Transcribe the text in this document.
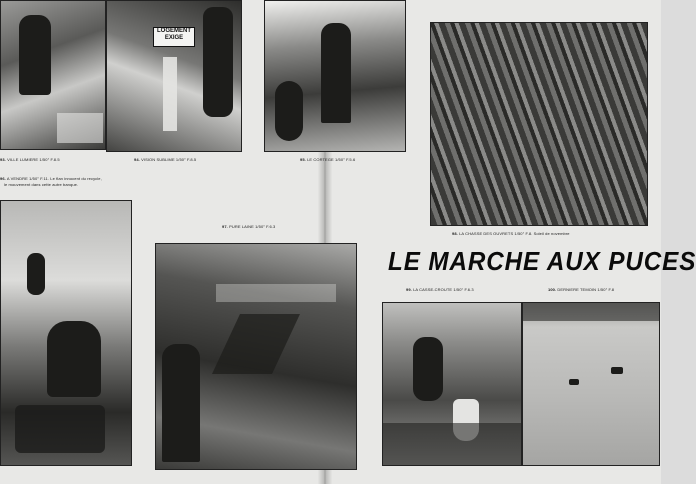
LOGEMENT
EXIGE
93. VILLE LUMIERE 1/50° F.8.5	94. VISION SUBLIME 1/50° F.8.5	95. LE CORTEGE 1/50° F.5.6
96. A VENDRE 1/50° F.11. Le flan innocent du recycle,
le mouvement dans cette autre banque.
97. PURE LAINE 1/50° F.6.3
98. LA CHASSE DES OUVRETS 1/50° F.8. Soleil de novembre
LE MARCHE AUX PUCES
99. LA CASSE-CROUTE 1/50° F.6.3	100. DERNIERE TEMOIN 1/50° F.8
